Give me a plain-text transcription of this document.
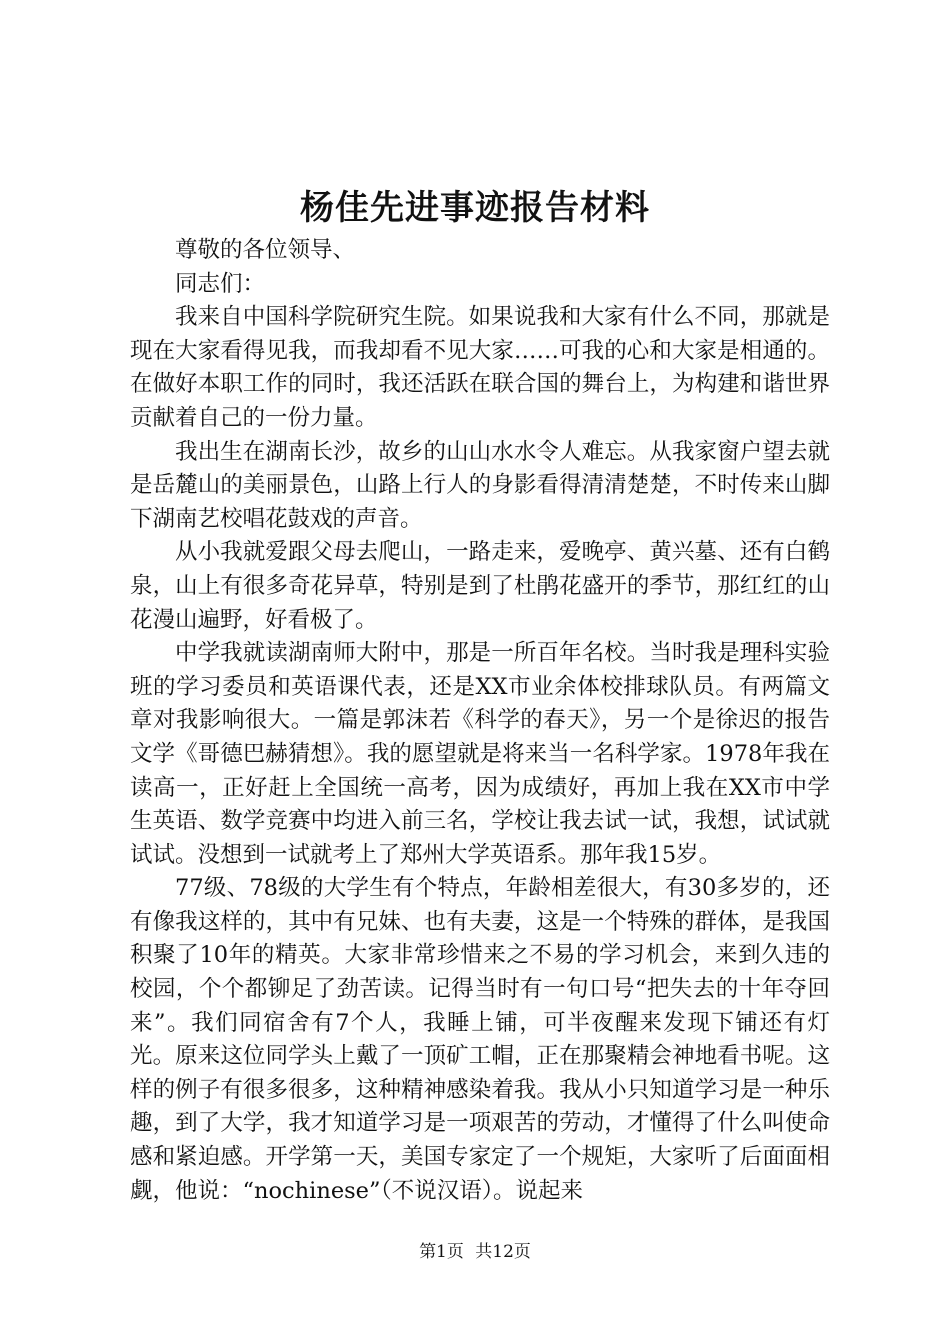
杨佳先进事迹报告材料

尊敬的各位领导、

同志们：

我来自中国科学院研究生院。如果说我和大家有什么不同，那就是现在大家看得见我，而我却看不见大家……可我的心和大家是相通的。在做好本职工作的同时，我还活跃在联合国的舞台上，为构建和谐世界贡献着自己的一份力量。

我出生在湖南长沙，故乡的山山水水令人难忘。从我家窗户望去就是岳麓山的美丽景色，山路上行人的身影看得清清楚楚，不时传来山脚下湖南艺校唱花鼓戏的声音。

从小我就爱跟父母去爬山，一路走来，爱晚亭、黄兴墓、还有白鹤泉，山上有很多奇花异草，特别是到了杜鹃花盛开的季节，那红红的山花漫山遍野，好看极了。

中学我就读湖南师大附中，那是一所百年名校。当时我是理科实验班的学习委员和英语课代表，还是XX市业余体校排球队员。有两篇文章对我影响很大。一篇是郭沫若《科学的春天》，另一个是徐迟的报告文学《哥德巴赫猜想》。我的愿望就是将来当一名科学家。1978年我在读高一，正好赶上全国统一高考，因为成绩好，再加上我在XX市中学生英语、数学竞赛中均进入前三名，学校让我去试一试，我想，试试就试试。没想到一试就考上了郑州大学英语系。那年我15岁。

77级、78级的大学生有个特点，年龄相差很大，有30多岁的，还有像我这样的，其中有兄妹、也有夫妻，这是一个特殊的群体，是我国积聚了10年的精英。大家非常珍惜来之不易的学习机会，来到久违的校园，个个都铆足了劲苦读。记得当时有一句口号“把失去的十年夺回来”。我们同宿舍有7个人，我睡上铺，可半夜醒来发现下铺还有灯光。原来这位同学头上戴了一顶矿工帽，正在那聚精会神地看书呢。这样的例子有很多很多，这种精神感染着我。我从小只知道学习是一种乐趣，到了大学，我才知道学习是一项艰苦的劳动，才懂得了什么叫使命感和紧迫感。开学第一天，美国专家定了一个规矩，大家听了后面面相觑，他说：“nochinese”（不说汉语）。说起来

第1页 共12页
